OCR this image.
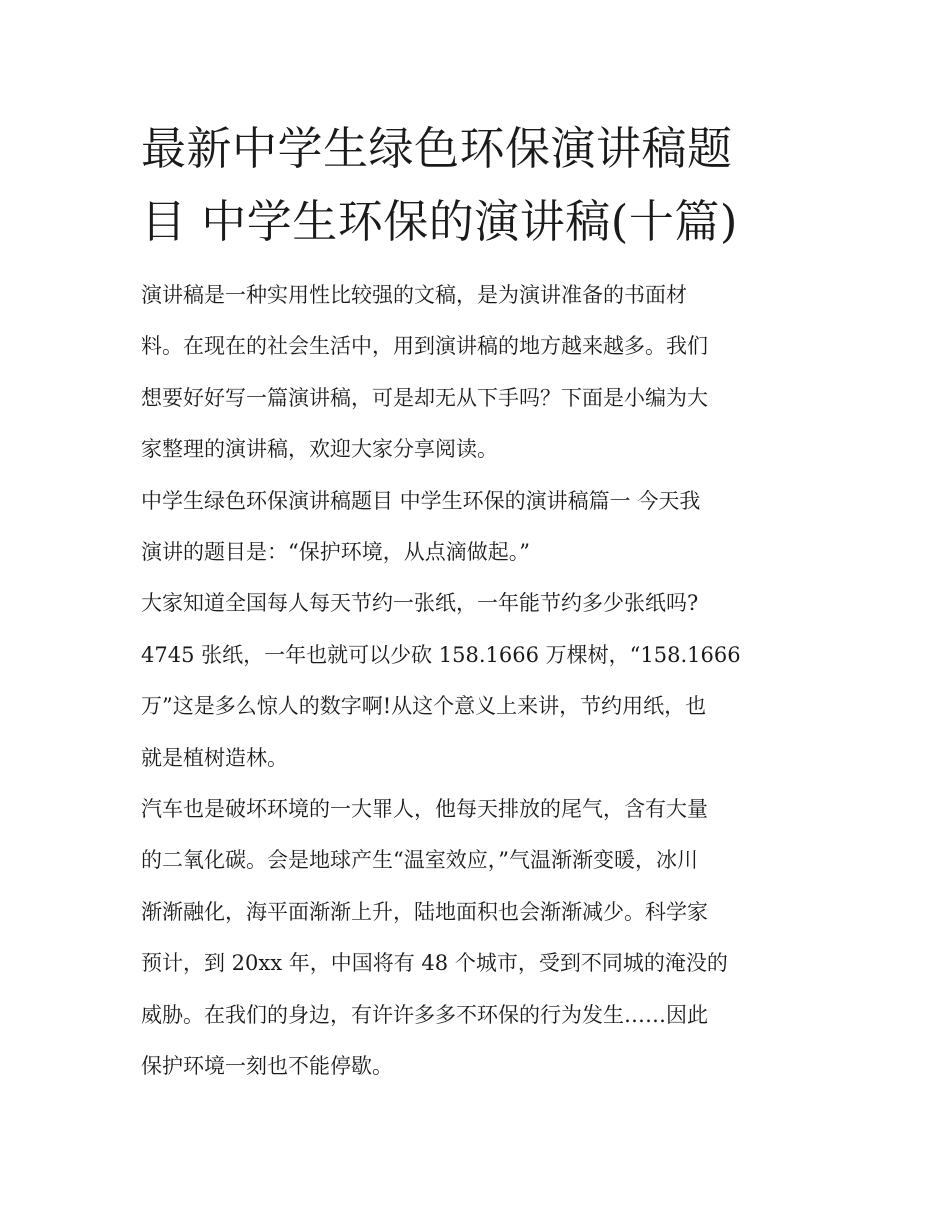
最新中学生绿色环保演讲稿题
目 中学生环保的演讲稿(十篇)

演讲稿是一种实用性比较强的文稿，是为演讲准备的书面材
料。在现在的社会生活中，用到演讲稿的地方越来越多。我们
想要好好写一篇演讲稿，可是却无从下手吗？下面是小编为大
家整理的演讲稿，欢迎大家分享阅读。

中学生绿色环保演讲稿题目 中学生环保的演讲稿篇一 今天我
演讲的题目是：“保护环境，从点滴做起。”

大家知道全国每人每天节约一张纸，一年能节约多少张纸吗?
4745 张纸，一年也就可以少砍 158.1666 万棵树，“158.1666
万”这是多么惊人的数字啊!从这个意义上来讲，节约用纸，也
就是植树造林。

汽车也是破坏环境的一大罪人，他每天排放的尾气，含有大量
的二氧化碳。会是地球产生“温室效应，”气温渐渐变暖，冰川
渐渐融化，海平面渐渐上升，陆地面积也会渐渐减少。科学家
预计，到 20xx 年，中国将有 48 个城市，受到不同城的淹没的
威胁。在我们的身边，有许许多多不环保的行为发生……因此
保护环境一刻也不能停歇。
